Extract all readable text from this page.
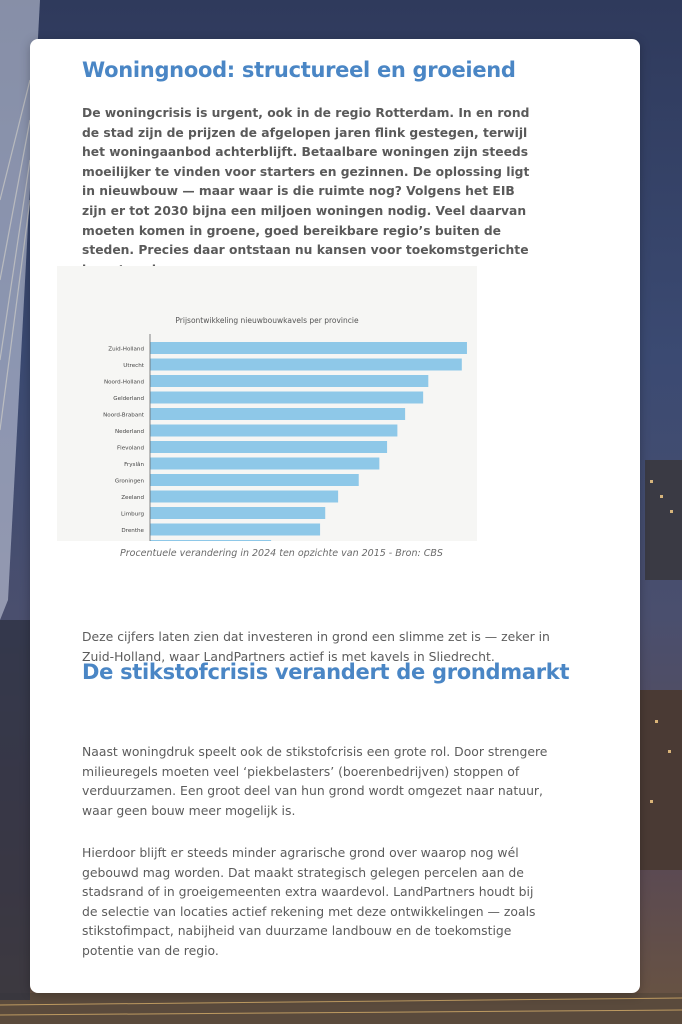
Woningnood: structureel en groeiend

De woningcrisis is urgent, ook in de regio Rotterdam. In en rond de stad zijn de prijzen de afgelopen jaren flink gestegen, terwijl het woningaanbod achterblijft. Betaalbare woningen zijn steeds moeilijker te vinden voor starters en gezinnen. De oplossing ligt in nieuwbouw — maar waar is die ruimte nog? Volgens het EIB zijn er tot 2030 bijna een miljoen woningen nodig. Veel daarvan moeten komen in groene, goed bereikbare regio’s buiten de steden. Precies daar ontstaan nu kansen voor toekomstgerichte

Prijsontwikkeling nieuwbouwkavels per provincie
Zuid-Holland
Utrecht
Noord-Holland
Gelderland
Noord-Brabant
Nederland
Flevoland
Fryslân
Groningen
Zeeland
Limburg
Drenthe

Procentuele verandering in 2024 ten opzichte van 2015 - Bron: CBS

Deze cijfers laten zien dat investeren in grond een slimme zet is — zeker in Zuid-Holland, waar LandPartners actief is met kavels in Sliedrecht.

De stikstofcrisis verandert de grondmarkt

Naast woningdruk speelt ook de stikstofcrisis een grote rol. Door strengere milieuregels moeten veel ‘piekbelasters’ (boerenbedrijven) stoppen of verduurzamen. Een groot deel van hun grond wordt omgezet naar natuur, waar geen bouw meer mogelijk is.

Hierdoor blijft er steeds minder agrarische grond over waarop nog wél gebouwd mag worden. Dat maakt strategisch gelegen percelen aan de stadsrand of in groeigemeenten extra waardevol. LandPartners houdt bij de selectie van locaties actief rekening met deze ontwikkelingen — zoals stikstofimpact, nabijheid van duurzame landbouw en de toekomstige potentie van de regio.
